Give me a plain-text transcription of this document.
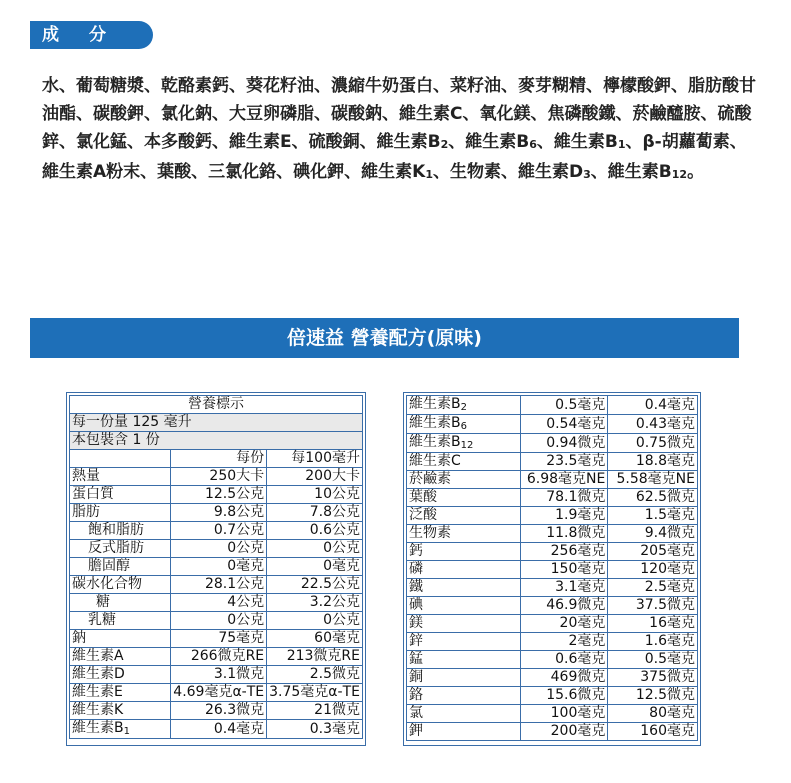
成分

水、葡萄糖漿、乾酪素鈣、葵花籽油、濃縮牛奶蛋白、菜籽油、麥芽糊精、檸檬酸鉀、脂肪酸甘油酯、碳酸鉀、氯化鈉、大豆卵磷脂、碳酸鈉、維生素C、氧化鎂、焦磷酸鐵、菸鹼醯胺、硫酸鋅、氯化錳、本多酸鈣、維生素E、硫酸銅、維生素$B_2$、維生素$B_6$、維生素$B_1$、β-胡蘿蔔素、維生素A粉末、葉酸、三氯化鉻、碘化鉀、維生素$K_1$、生物素、維生素$D_3$、維生素$B_{12}$。

倍速益 營養配方(原味)
營養標示		
每一份量 125 毫升		
本包裝含 1 份		
	每份	每100毫升
熱量	250大卡	200大卡
蛋白質	12.5公克	10公克
脂肪	9.8公克	7.8公克
飽和脂肪	0.7公克	0.6公克
反式脂肪	0公克	0公克
膽固醇	0毫克	0毫克
碳水化合物	28.1公克	22.5公克
糖	4公克	3.2公克
乳糖	0公克	0公克
鈉	75毫克	60毫克
維生素A	266微克RE	213微克RE
維生素D	3.1微克	2.5微克
維生素E	4.69毫克α-TE	3.75毫克α-TE
維生素K	26.3微克	21微克
維生素$B_1$	0.4毫克	0.3毫克
維生素$B_2$	0.5毫克	0.4毫克
維生素$B_6$	0.54毫克	0.43毫克
維生素$B_{12}$	0.94微克	0.75微克
維生素C	23.5毫克	18.8毫克
菸鹼素	6.98毫克NE	5.58毫克NE
葉酸	78.1微克	62.5微克
泛酸	1.9毫克	1.5毫克
生物素	11.8微克	9.4微克
鈣	256毫克	205毫克
磷	150毫克	120毫克
鐵	3.1毫克	2.5毫克
碘	46.9微克	37.5微克
鎂	20毫克	16毫克
鋅	2毫克	1.6毫克
錳	0.6毫克	0.5毫克
銅	469微克	375微克
鉻	15.6微克	12.5微克
氯	100毫克	80毫克
鉀	200毫克	160毫克
